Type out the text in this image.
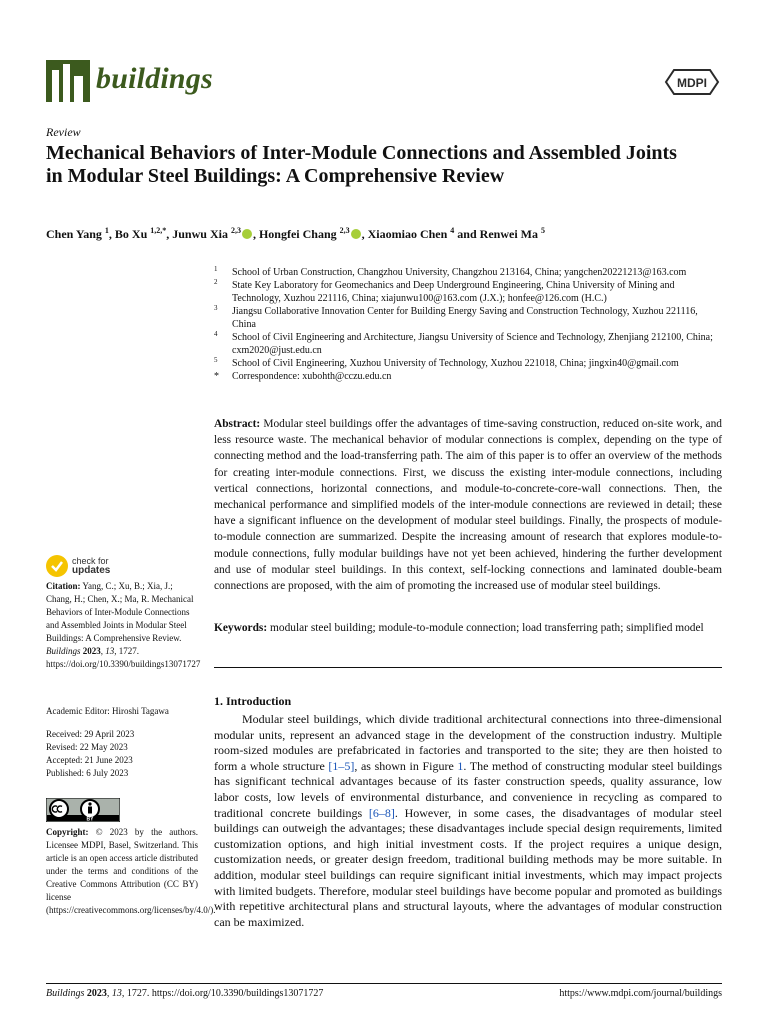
buildings	MDPI
Review
Mechanical Behaviors of Inter-Module Connections and Assembled Joints in Modular Steel Buildings: A Comprehensive Review
Chen Yang $^1$, Bo Xu $^{1,2,*}$, Junwu Xia $^{2,3}$ , Hongfei Chang $^{2,3}$ , Xiaomiao Chen $^4$ and Renwei Ma $^5$
1 School of Urban Construction, Changzhou University, Changzhou 213164, China; yangchen20221213@163.com
2 State Key Laboratory for Geomechanics and Deep Underground Engineering, China University of Mining and Technology, Xuzhou 221116, China; xiajunwu100@163.com (J.X.); honfee@126.com (H.C.)
3 Jiangsu Collaborative Innovation Center for Building Energy Saving and Construction Technology, Xuzhou 221116, China
4 School of Civil Engineering and Architecture, Jiangsu University of Science and Technology, Zhenjiang 212100, China; cxm2020@just.edu.cn
5 School of Civil Engineering, Xuzhou University of Technology, Xuzhou 221018, China; jingxin40@gmail.com
* Correspondence: xubohth@cczu.edu.cn
Abstract: Modular steel buildings offer the advantages of time-saving construction, reduced on-site work, and less resource waste. The mechanical behavior of modular connections is complex, depending on the type of connecting method and the load-transferring path. The aim of this paper is to offer an overview of the methods for creating inter-module connections. First, we discuss the existing inter-module connections, including vertical connections, horizontal connections, and module-to-concrete-core-wall connections. Then, the mechanical performance and simplified models of the inter-module connections are reviewed in detail; these have a significant influence on the development of modular steel buildings. Finally, the prospects of module-to-module connection are summarized. Despite the increasing amount of research that explores module-to-module connections, fully modular buildings have not yet been achieved, hindering the further development and use of modular steel buildings. In this context, self-locking connections and laminated double-beam connections are proposed, with the aim of promoting the increased use of modular steel buildings.
Keywords: modular steel building; module-to-module connection; load transferring path; simplified model
1. Introduction
Modular steel buildings, which divide traditional architectural connections into three-dimensional modular units, represent an advanced stage in the development of the construction industry. Multiple room-sized modules are prefabricated in factories and transported to the site; they are then hoisted to form a whole structure [1–5], as shown in Figure 1. The method of constructing modular steel buildings has significant technical advantages because of its faster construction speeds, quality assurance, low labor costs, low levels of environmental disturbance, and convenience in recycling as compared to traditional concrete buildings [6–8]. However, in some cases, the disadvantages of modular steel buildings can outweigh the advantages; these disadvantages include special design requirements, limited customization options, and high initial investment costs. If the project requires a unique design, customization needs, or greater design freedom, traditional building methods may be more suitable. In addition, modular steel buildings can require significant initial investments, which may impact projects with limited budgets. Therefore, modular steel buildings have become popular and promoted as buildings with repetitive architectural plans and structural layouts, where the advantages of modular construction can be maximized.
check for
updates
Citation: Yang, C.; Xu, B.; Xia, J.; Chang, H.; Chen, X.; Ma, R. Mechanical Behaviors of Inter-Module Connections and Assembled Joints in Modular Steel Buildings: A Comprehensive Review. Buildings 2023, 13, 1727. https://doi.org/10.3390/buildings13071727
Academic Editor: Hiroshi Tagawa
Received: 29 April 2023
Revised: 22 May 2023
Accepted: 21 June 2023
Published: 6 July 2023
BY
Copyright: © 2023 by the authors. Licensee MDPI, Basel, Switzerland. This article is an open access article distributed under the terms and conditions of the Creative Commons Attribution (CC BY) license (https://creativecommons.org/licenses/by/4.0/).
Buildings 2023, 13, 1727. https://doi.org/10.3390/buildings13071727	https://www.mdpi.com/journal/buildings
